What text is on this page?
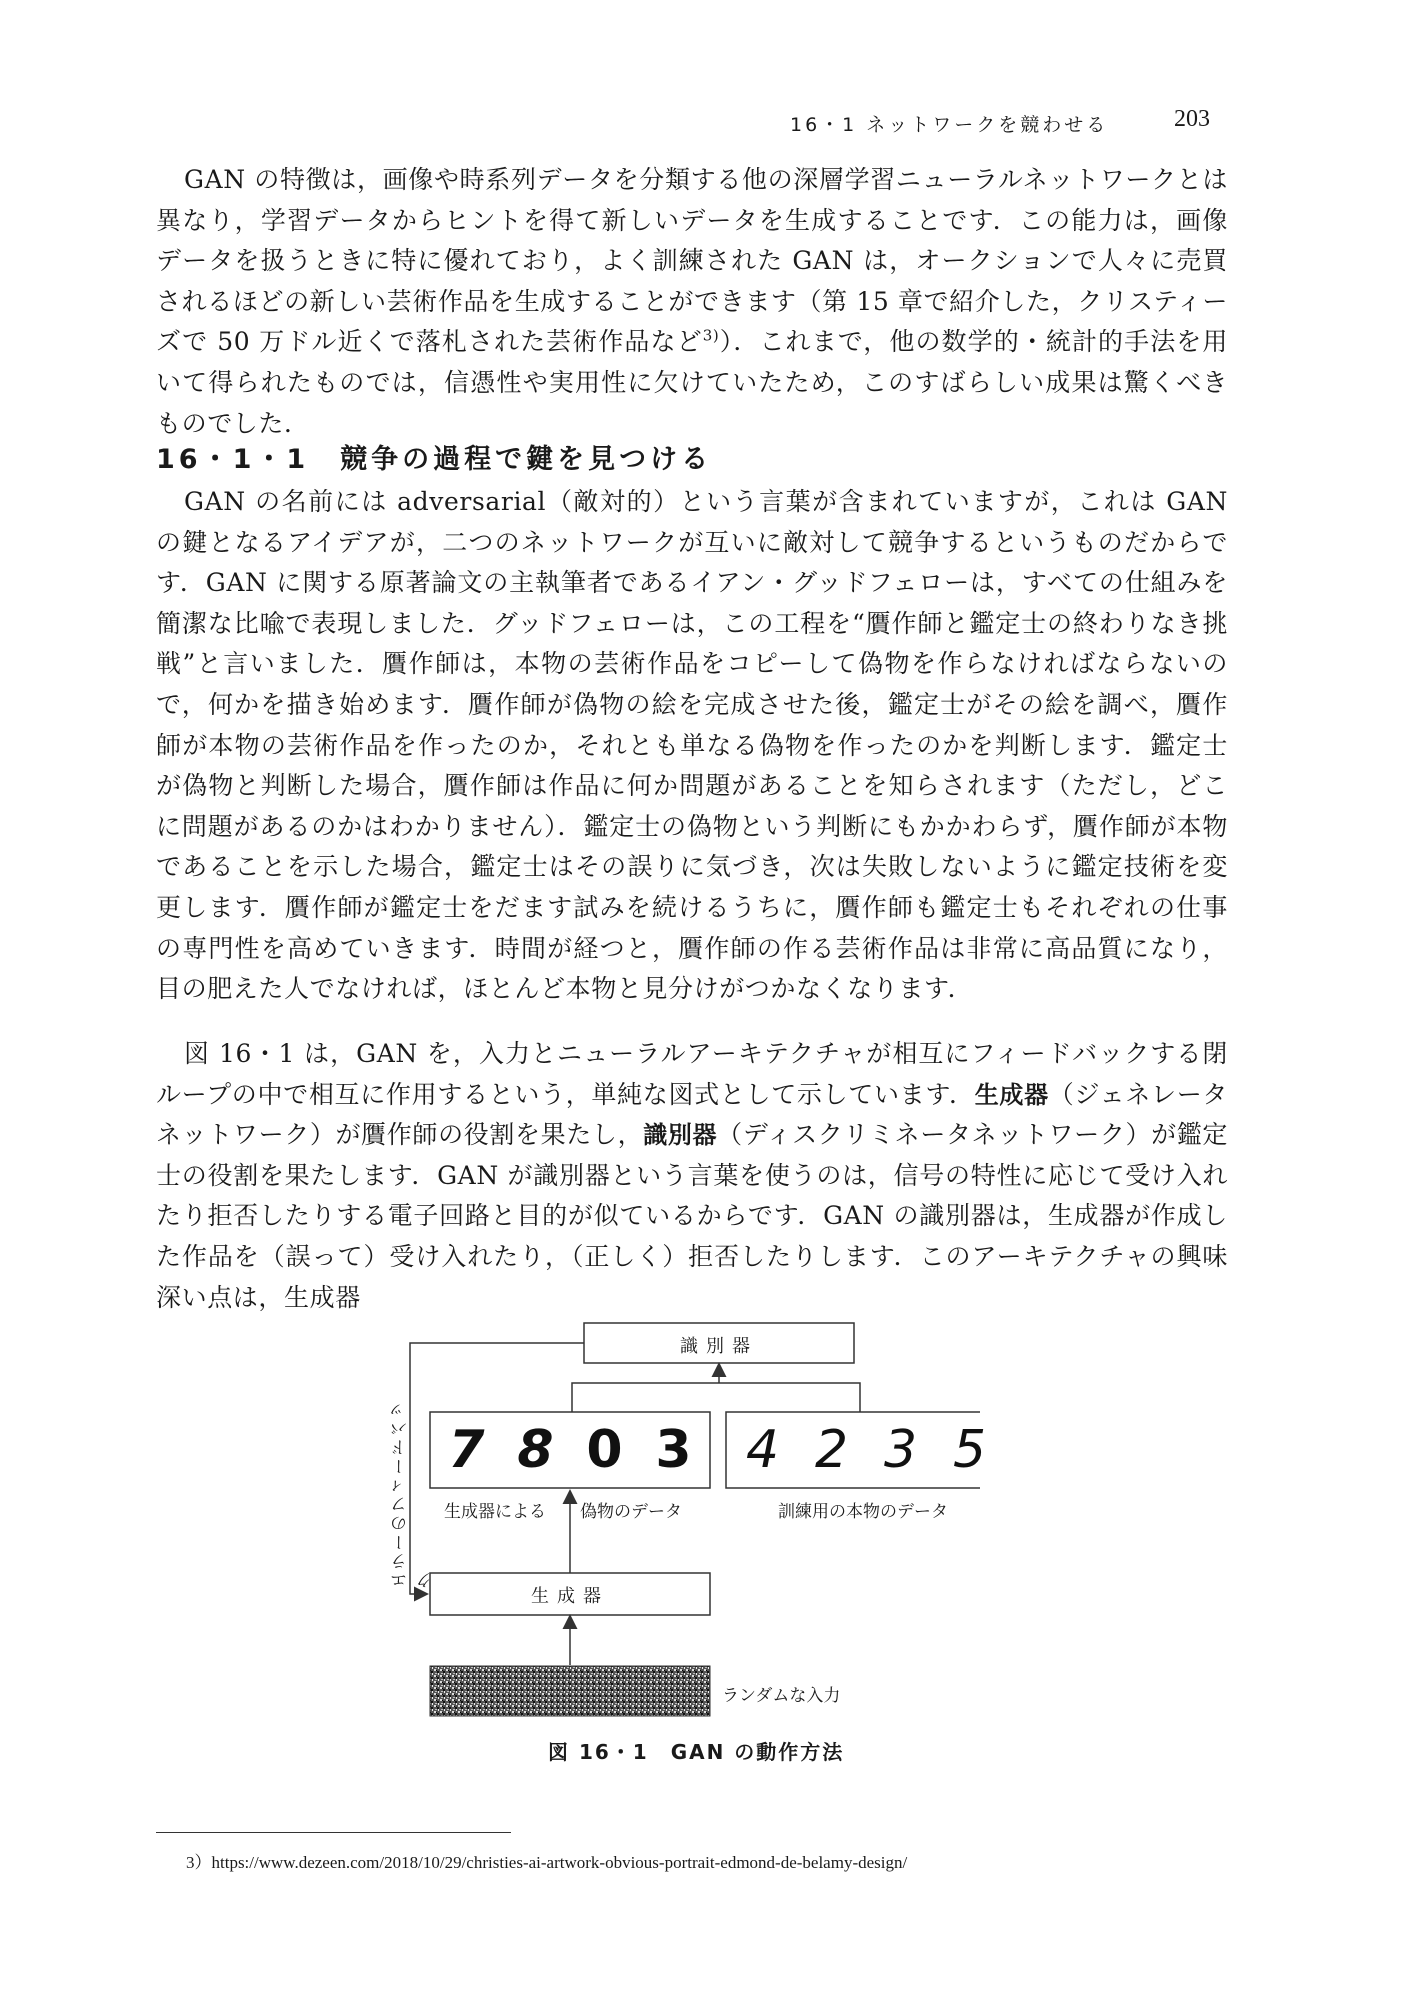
16・1 ネットワークを競わせる	203

GAN の特徴は，画像や時系列データを分類する他の深層学習ニューラルネットワークとは異なり，学習データからヒントを得て新しいデータを生成することです．この能力は，画像データを扱うときに特に優れており，よく訓練された GAN は，オークションで人々に売買されるほどの新しい芸術作品を生成することができます（第 15 章で紹介した，クリスティーズで 50 万ドル近くで落札された芸術作品など$^{3)}$）．これまで，他の数学的・統計的手法を用いて得られたものでは，信憑性や実用性に欠けていたため，このすばらしい成果は驚くべきものでした．

16・1・1　競争の過程で鍵を見つける

GAN の名前には adversarial（敵対的）という言葉が含まれていますが，これは GAN の鍵となるアイデアが，二つのネットワークが互いに敵対して競争するというものだからです．GAN に関する原著論文の主執筆者であるイアン・グッドフェローは，すべての仕組みを簡潔な比喩で表現しました．グッドフェローは，この工程を“贋作師と鑑定士の終わりなき挑戦”と言いました．贋作師は，本物の芸術作品をコピーして偽物を作らなければならないので，何かを描き始めます．贋作師が偽物の絵を完成させた後，鑑定士がその絵を調べ，贋作師が本物の芸術作品を作ったのか，それとも単なる偽物を作ったのかを判断します．鑑定士が偽物と判断した場合，贋作師は作品に何か問題があることを知らされます（ただし，どこに問題があるのかはわかりません）．鑑定士の偽物という判断にもかかわらず，贋作師が本物であることを示した場合，鑑定士はその誤りに気づき，次は失敗しないように鑑定技術を変更します．贋作師が鑑定士をだます試みを続けるうちに，贋作師も鑑定士もそれぞれの仕事の専門性を高めていきます．時間が経つと，贋作師の作る芸術作品は非常に高品質になり，目の肥えた人でなければ，ほとんど本物と見分けがつかなくなります．

図 16・1 は，GAN を，入力とニューラルアーキテクチャが相互にフィードバックする閉ループの中で相互に作用するという，単純な図式として示しています．生成器（ジェネレータネットワーク）が贋作師の役割を果たし，識別器（ディスクリミネータネットワーク）が鑑定士の役割を果たします．GAN が識別器という言葉を使うのは，信号の特性に応じて受け入れたり拒否したりする電子回路と目的が似ているからです．GAN の識別器は，生成器が作成した作品を（誤って）受け入れたり，（正しく）拒否したりします．このアーキテクチャの興味深い点は，生成器

識別器
生成器
7 8 0 3 4 2 3 5
生成器による 偽物のデータ	訓練用の本物のデータ
ランダムな入力
エラーのフィードバック
図 16・1　GAN の動作方法
3）https://www.dezeen.com/2018/10/29/christies-ai-artwork-obvious-portrait-edmond-de-belamy-design/
